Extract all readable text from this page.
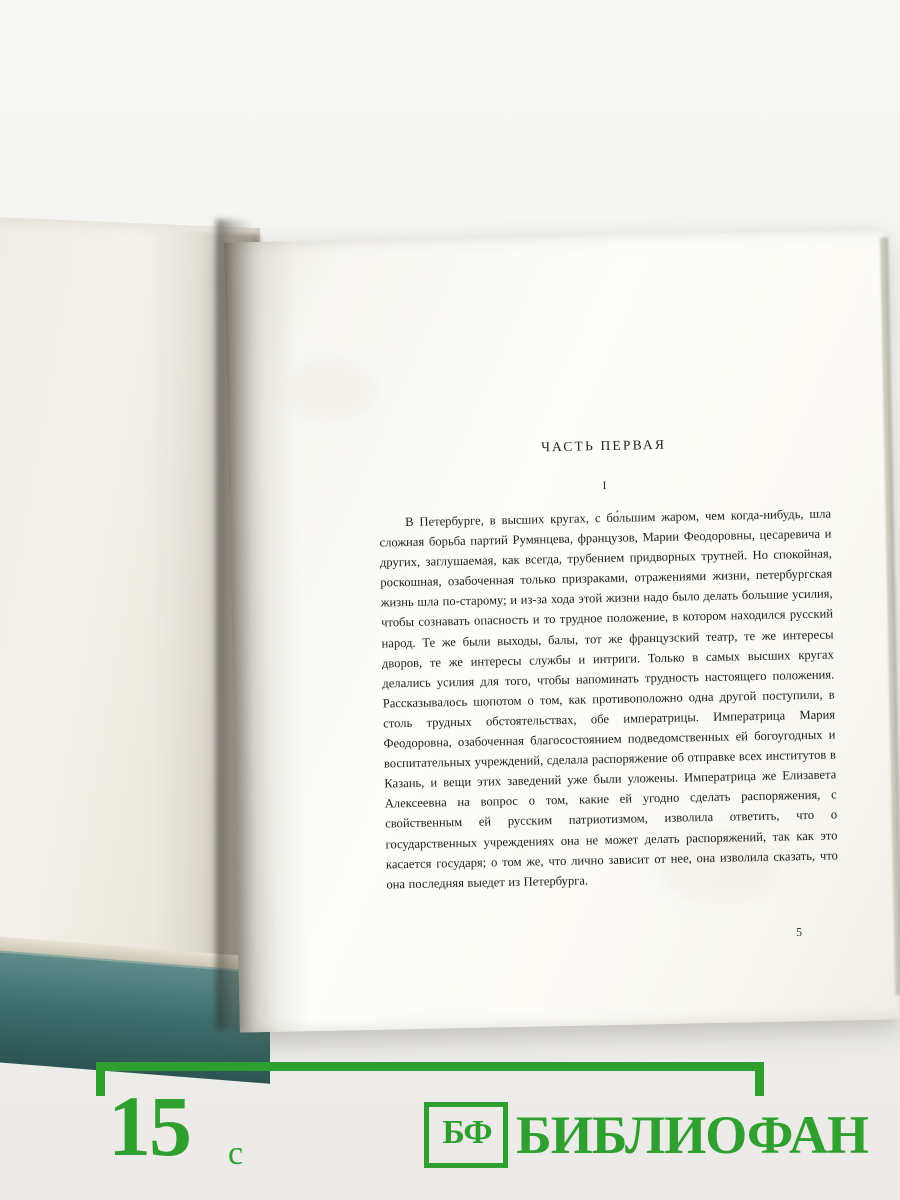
ЧАСТЬ ПЕРВАЯ
I

В Петербурге, в высших кругах, с бо́льшим жаром, чем когда-нибудь, шла сложная борьба партий Румянцева, французов, Марии Феодоровны, цесаревича и других, заглушаемая, как всегда, трубением придворных трутней. Но спокойная, роскошная, озабоченная только призраками, отражениями жизни, петербургская жизнь шла по-старому; и из-за хода этой жизни надо было делать большие усилия, чтобы сознавать опасность и то трудное положение, в котором находился русский народ. Те же были выходы, балы, тот же французский театр, те же интересы дворов, те же интересы службы и интриги. Только в самых высших кругах делались усилия для того, чтобы напоминать трудность настоящего положения. Рассказывалось шопотом о том, как противоположно одна другой поступили, в столь трудных обстоятельствах, обе императрицы. Императрица Мария Феодоровна, озабоченная благосостоянием подведомственных ей богоугодных и воспитательных учреждений, сделала распоряжение об отправке всех институтов в Казань, и вещи этих заведений уже были уложены. Императрица же Елизавета Алексеевна на вопрос о том, какие ей угодно сделать распоряжения, с свойственным ей русским патриотизмом, изволила ответить, что о государственных учреждениях она не может делать распоряжений, так как это касается государя; о том же, что лично зависит от нее, она изволила сказать, что она последняя выедет из Петербурга.

5
15 с
БФ БИБЛИОФАН
